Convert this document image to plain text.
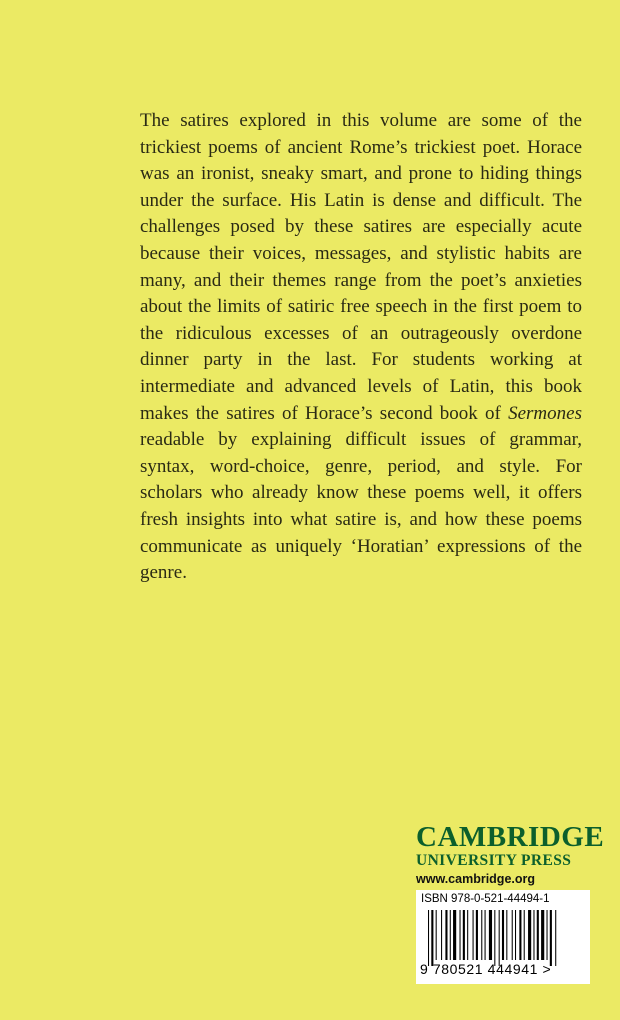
The satires explored in this volume are some of the trickiest poems of ancient Rome’s trickiest poet. Horace was an ironist, sneaky smart, and prone to hiding things under the surface. His Latin is dense and difficult. The challenges posed by these satires are especially acute because their voices, messages, and stylistic habits are many, and their themes range from the poet’s anxieties about the limits of satiric free speech in the first poem to the ridiculous excesses of an outrageously overdone dinner party in the last. For students working at intermediate and advanced levels of Latin, this book makes the satires of Horace’s second book of Sermones readable by explaining difficult issues of grammar, syntax, word-choice, genre, period, and style. For scholars who already know these poems well, it offers fresh insights into what satire is, and how these poems communicate as uniquely ‘Horatian’ expressions of the genre.

CAMBRIDGE
UNIVERSITY PRESS
www.cambridge.org
ISBN 978-0-521-44494-1
9 780521 444941 >
